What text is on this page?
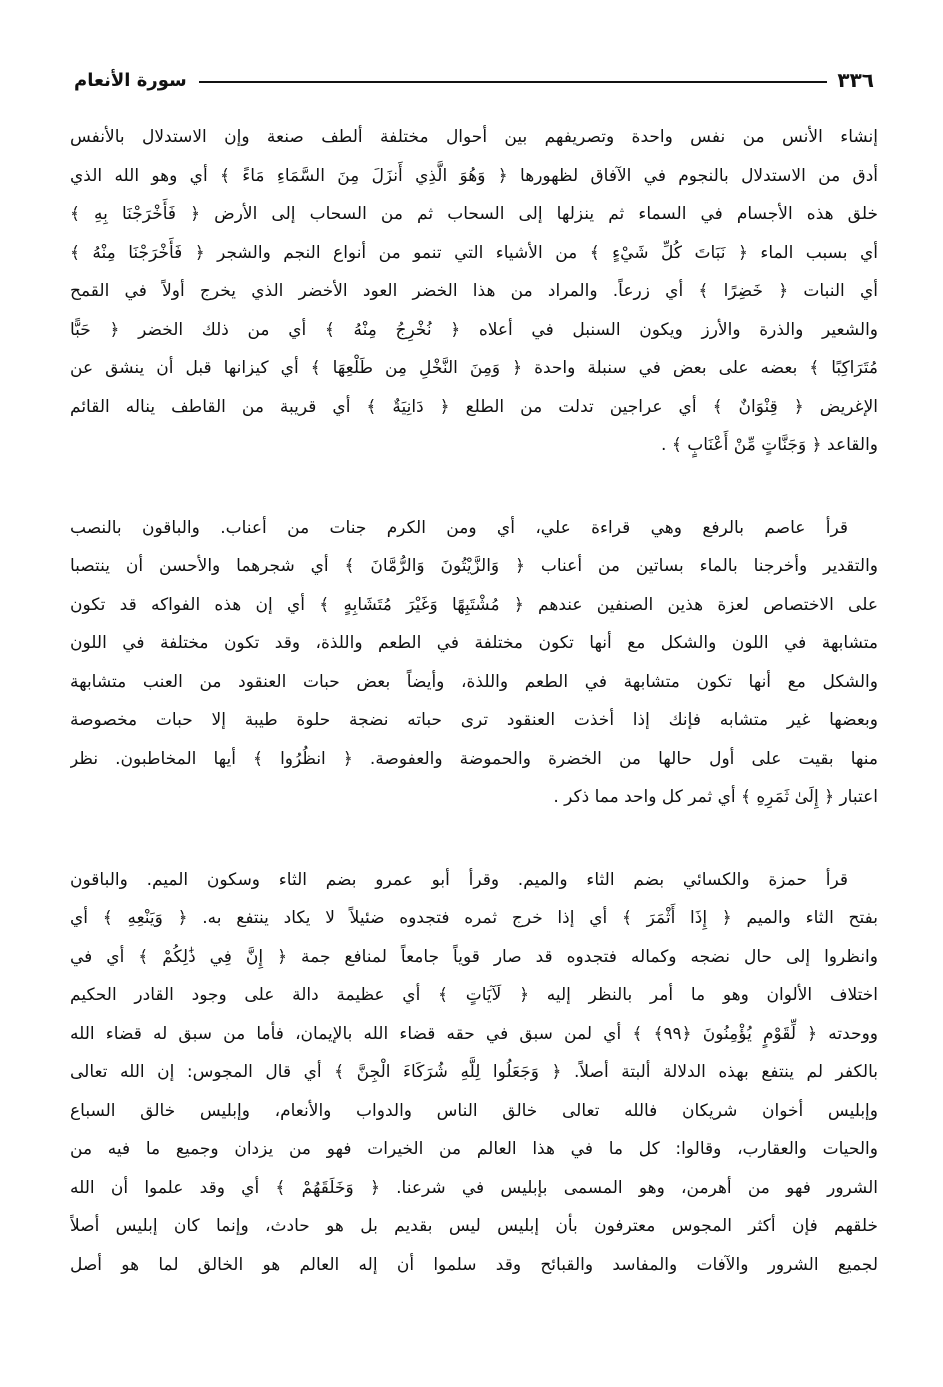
٣٣٦
سورة الأنعام
إنشاء الأنس من نفس واحدة وتصريفهم بين أحوال مختلفة ألطف صنعة وإن الاستدلال بالأنفس
أدق من الاستدلال بالنجوم في الآفاق لظهورها ﴿ وَهُوَ الَّذِي أَنزَلَ مِنَ السَّمَاءِ مَاءً ﴾ أي وهو الله الذي
خلق هذه الأجسام في السماء ثم ينزلها إلى السحاب ثم من السحاب إلى الأرض ﴿ فَأَخْرَجْنَا بِهِ ﴾
أي بسبب الماء ﴿ نَبَاتَ كُلِّ شَيْءٍ ﴾ من الأشياء التي تنمو من أنواع النجم والشجر ﴿ فَأَخْرَجْنَا مِنْهُ ﴾
أي النبات ﴿ خَضِرًا ﴾ أي زرعاً. والمراد من هذا الخضر العود الأخضر الذي يخرج أولاً في القمح
والشعير والذرة والأرز ويكون السنبل في أعلاه ﴿ نُخْرِجُ مِنْهُ ﴾ أي من ذلك الخضر ﴿ حَبًّا
مُتَرَاكِبًا ﴾ بعضه على بعض في سنبلة واحدة ﴿ وَمِنَ النَّخْلِ مِن طَلْعِهَا ﴾ أي كيزانها قبل أن ينشق عن
الإغريض ﴿ قِنْوَانٌ ﴾ أي عراجين تدلت من الطلع ﴿ دَانِيَةٌ ﴾ أي قريبة من القاطف يناله القائم
والقاعد ﴿ وَجَنَّاتٍ مِّنْ أَعْنَابٍ ﴾ .
قرأ عاصم بالرفع وهي قراءة علي، أي ومن الكرم جنات من أعناب. والباقون بالنصب
والتقدير وأخرجنا بالماء بساتين من أعناب ﴿ وَالزَّيْتُونَ وَالرُّمَّانَ ﴾ أي شجرهما والأحسن أن ينتصبا
على الاختصاص لعزة هذين الصنفين عندهم ﴿ مُشْتَبِهًا وَغَيْرَ مُتَشَابِهٍ ﴾ أي إن هذه الفواكه قد تكون
متشابهة في اللون والشكل مع أنها تكون مختلفة في الطعم واللذة، وقد تكون مختلفة في اللون
والشكل مع أنها تكون متشابهة في الطعم واللذة، وأيضاً بعض حبات العنقود من العنب متشابهة
وبعضها غير متشابه فإنك إذا أخذت العنقود ترى حباته نضجة حلوة طيبة إلا حبات مخصوصة
منها بقيت على أول حالها من الخضرة والحموضة والعفوصة. ﴿ انظُرُوا ﴾ أيها المخاطبون. نظر
اعتبار ﴿ إِلَىٰ ثَمَرِهِ ﴾ أي ثمر كل واحد مما ذكر .
قرأ حمزة والكسائي بضم الثاء والميم. وقرأ أبو عمرو بضم الثاء وسكون الميم. والباقون
بفتح الثاء والميم ﴿ إِذَا أَثْمَرَ ﴾ أي إذا خرج ثمره فتجدوه ضئيلاً لا يكاد ينتفع به. ﴿ وَيَنْعِهِ ﴾ أي
وانظروا إلى حال نضجه وكماله فتجدوه قد صار قوياً جامعاً لمنافع جمة ﴿ إِنَّ فِي ذَٰلِكُمْ ﴾ أي في
اختلاف الألوان وهو ما أمر بالنظر إليه ﴿ لَآيَاتٍ ﴾ أي عظيمة دالة على وجود القادر الحكيم
ووحدته ﴿ لِّقَوْمٍ يُؤْمِنُونَ ﴿٩٩﴾ ﴾ أي لمن سبق في حقه قضاء الله بالإيمان، فأما من سبق له قضاء الله
بالكفر لم ينتفع بهذه الدلالة ألبتة أصلاً. ﴿ وَجَعَلُوا لِلَّهِ شُرَكَاءَ الْجِنَّ ﴾ أي قال المجوس: إن الله تعالى
وإبليس أخوان شريكان فالله تعالى خالق الناس والدواب والأنعام، وإبليس خالق السباع
والحيات والعقارب، وقالوا: كل ما في هذا العالم من الخيرات فهو من يزدان وجميع ما فيه من
الشرور فهو من أهرمن، وهو المسمى بإبليس في شرعنا. ﴿ وَخَلَقَهُمْ ﴾ أي وقد علموا أن الله
خلقهم فإن أكثر المجوس معترفون بأن إبليس ليس بقديم بل هو حادث، وإنما كان إبليس أصلاً
لجميع الشرور والآفات والمفاسد والقبائح وقد سلموا أن إله العالم هو الخالق لما هو أصل
